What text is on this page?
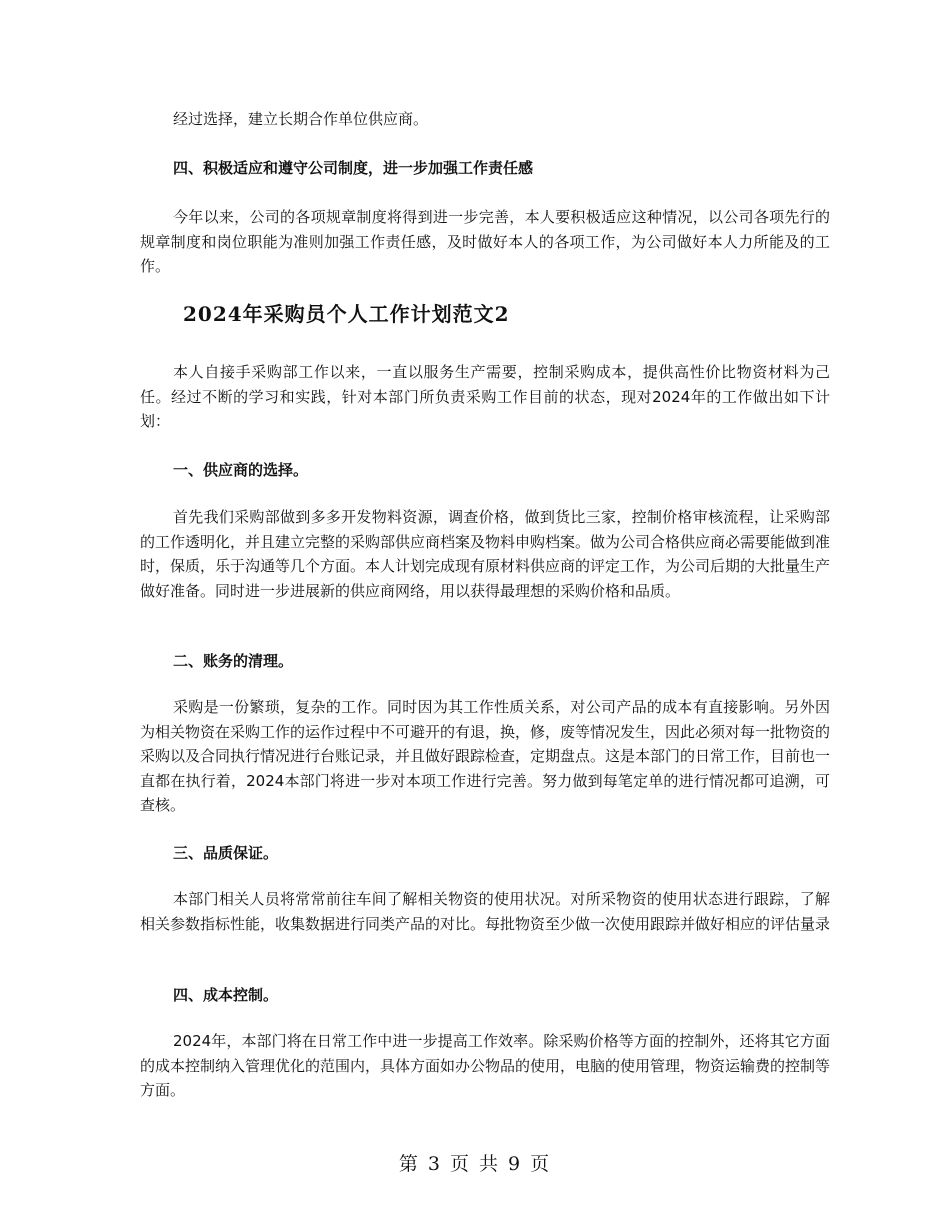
经过选择，建立长期合作单位供应商。

四、积极适应和遵守公司制度，进一步加强工作责任感

今年以来，公司的各项规章制度将得到进一步完善，本人要积极适应这种情况，以公司各项先行的规章制度和岗位职能为准则加强工作责任感，及时做好本人的各项工作，为公司做好本人力所能及的工作。

2024年采购员个人工作计划范文2

本人自接手采购部工作以来，一直以服务生产需要，控制采购成本，提供高性价比物资材料为己任。经过不断的学习和实践，针对本部门所负责采购工作目前的状态，现对2024年的工作做出如下计划：

一、供应商的选择。

首先我们采购部做到多多开发物料资源，调查价格，做到货比三家，控制价格审核流程，让采购部的工作透明化，并且建立完整的采购部供应商档案及物料申购档案。做为公司合格供应商必需要能做到准时，保质，乐于沟通等几个方面。本人计划完成现有原材料供应商的评定工作，为公司后期的大批量生产做好准备。同时进一步进展新的供应商网络，用以获得最理想的采购价格和品质。

二、账务的清理。

采购是一份繁琐，复杂的工作。同时因为其工作性质关系，对公司产品的成本有直接影响。另外因为相关物资在采购工作的运作过程中不可避开的有退，换，修，废等情况发生，因此必须对每一批物资的采购以及合同执行情况进行台账记录，并且做好跟踪检查，定期盘点。这是本部门的日常工作，目前也一直都在执行着，2024本部门将进一步对本项工作进行完善。努力做到每笔定单的进行情况都可追溯，可查核。

三、品质保证。

本部门相关人员将常常前往车间了解相关物资的使用状况。对所采物资的使用状态进行跟踪，了解相关参数指标性能，收集数据进行同类产品的对比。每批物资至少做一次使用跟踪并做好相应的评估量录

四、成本控制。

2024年，本部门将在日常工作中进一步提高工作效率。除采购价格等方面的控制外，还将其它方面的成本控制纳入管理优化的范围内，具体方面如办公物品的使用，电脑的使用管理，物资运输费的控制等方面。

第 3 页 共 9 页
